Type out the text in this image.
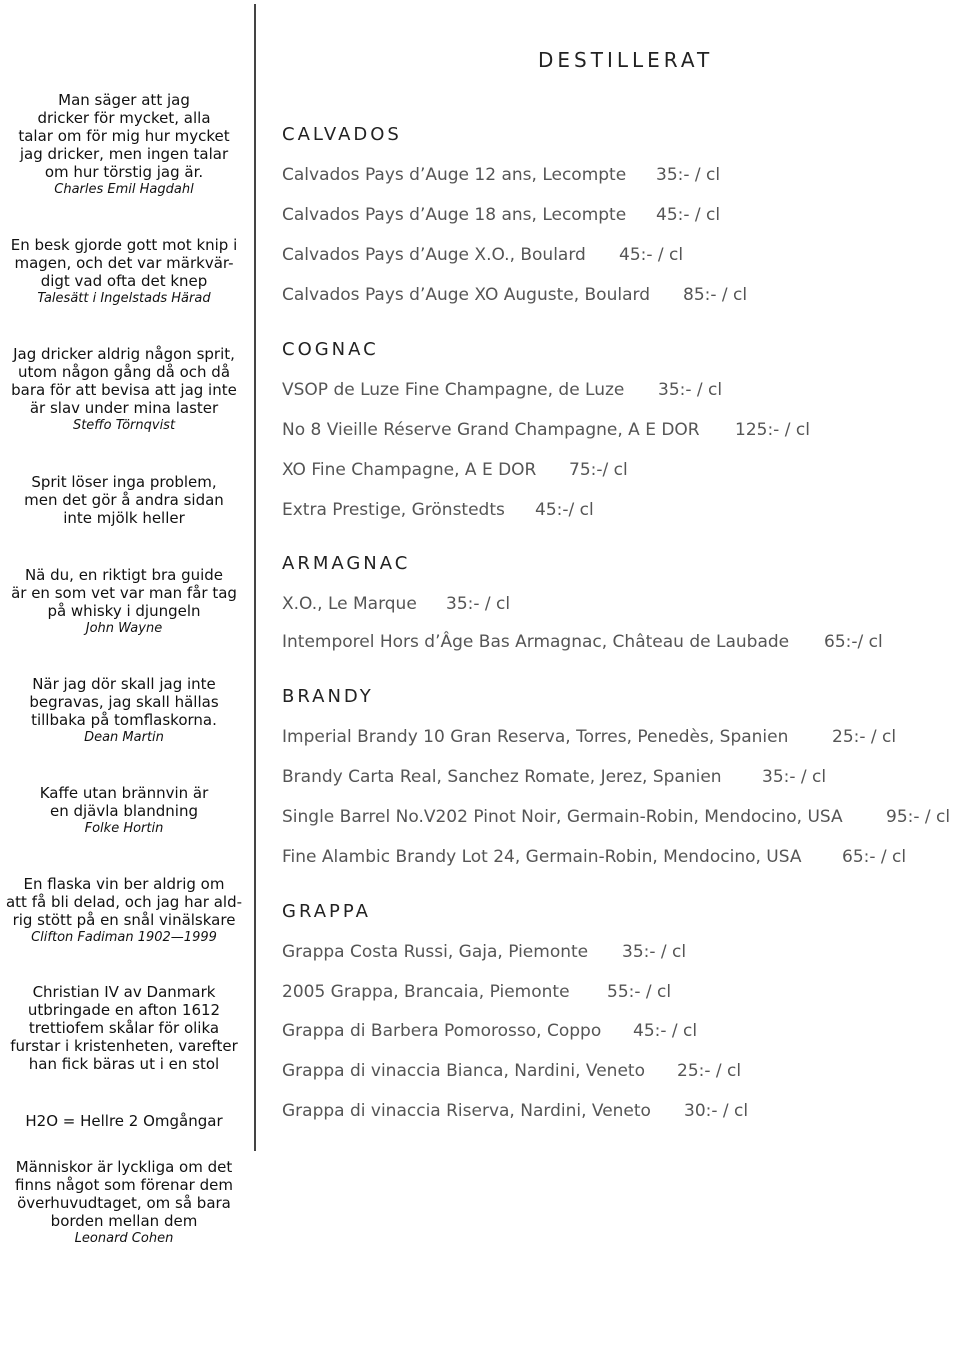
DESTILLERAT
Man säger att jag
dricker för mycket, alla
talar om för mig hur mycket
jag dricker, men ingen talar
om hur törstig jag är.
Charles Emil Hagdahl
En besk gjorde gott mot knip i
magen, och det var märkvär-
digt vad ofta det knep
Talesätt i Ingelstads Härad
Jag dricker aldrig någon sprit,
utom någon gång då och då
bara för att bevisa att jag inte
är slav under mina laster
Steffo Törnqvist
Sprit löser inga problem,
men det gör å andra sidan
inte mjölk heller
Nä du, en riktigt bra guide
är en som vet var man får tag
på whisky i djungeln
John Wayne
När jag dör skall jag inte
begravas, jag skall hällas
tillbaka på tomflaskorna.
Dean Martin
Kaffe utan brännvin är
en djävla blandning
Folke Hortin
En flaska vin ber aldrig om
att få bli delad, och jag har ald-
rig stött på en snål vinälskare
Clifton Fadiman 1902—1999
Christian IV av Danmark
utbringade en afton 1612
trettiofem skålar för olika
furstar i kristenheten, varefter
han fick bäras ut i en stol
H2O = Hellre 2 Omgångar
Människor är lyckliga om det
finns något som förenar dem
överhuvudtaget, om så bara
borden mellan dem
Leonard Cohen
CALVADOS
Calvados Pays d’Auge 12 ans, Lecompte 35:- / cl
Calvados Pays d’Auge 18 ans, Lecompte 45:- / cl
Calvados Pays d’Auge X.O., Boulard 45:- / cl
Calvados Pays d’Auge XO Auguste, Boulard 85:- / cl
COGNAC
VSOP de Luze Fine Champagne, de Luze 35:- / cl
No 8 Vieille Réserve Grand Champagne, A E DOR 125:- / cl
XO Fine Champagne, A E DOR 75:-/ cl
Extra Prestige, Grönstedts 45:-/ cl
ARMAGNAC
X.O., Le Marque 35:- / cl
Intemporel Hors d’Âge Bas Armagnac, Château de Laubade 65:-/ cl
BRANDY
Imperial Brandy 10 Gran Reserva, Torres, Penedès, Spanien	25:- / cl
Brandy Carta Real, Sanchez Romate, Jerez, Spanien 35:- / cl
Single Barrel No.V202 Pinot Noir, Germain-Robin, Mendocino, USA	95:- / cl
Fine Alambic Brandy Lot 24, Germain-Robin, Mendocino, USA 65:- / cl
GRAPPA
Grappa Costa Russi, Gaja, Piemonte 35:- / cl
2005 Grappa, Brancaia, Piemonte 55:- / cl
Grappa di Barbera Pomorosso, Coppo 45:- / cl
Grappa di vinaccia Bianca, Nardini, Veneto 25:- / cl
Grappa di vinaccia Riserva, Nardini, Veneto 30:- / cl
